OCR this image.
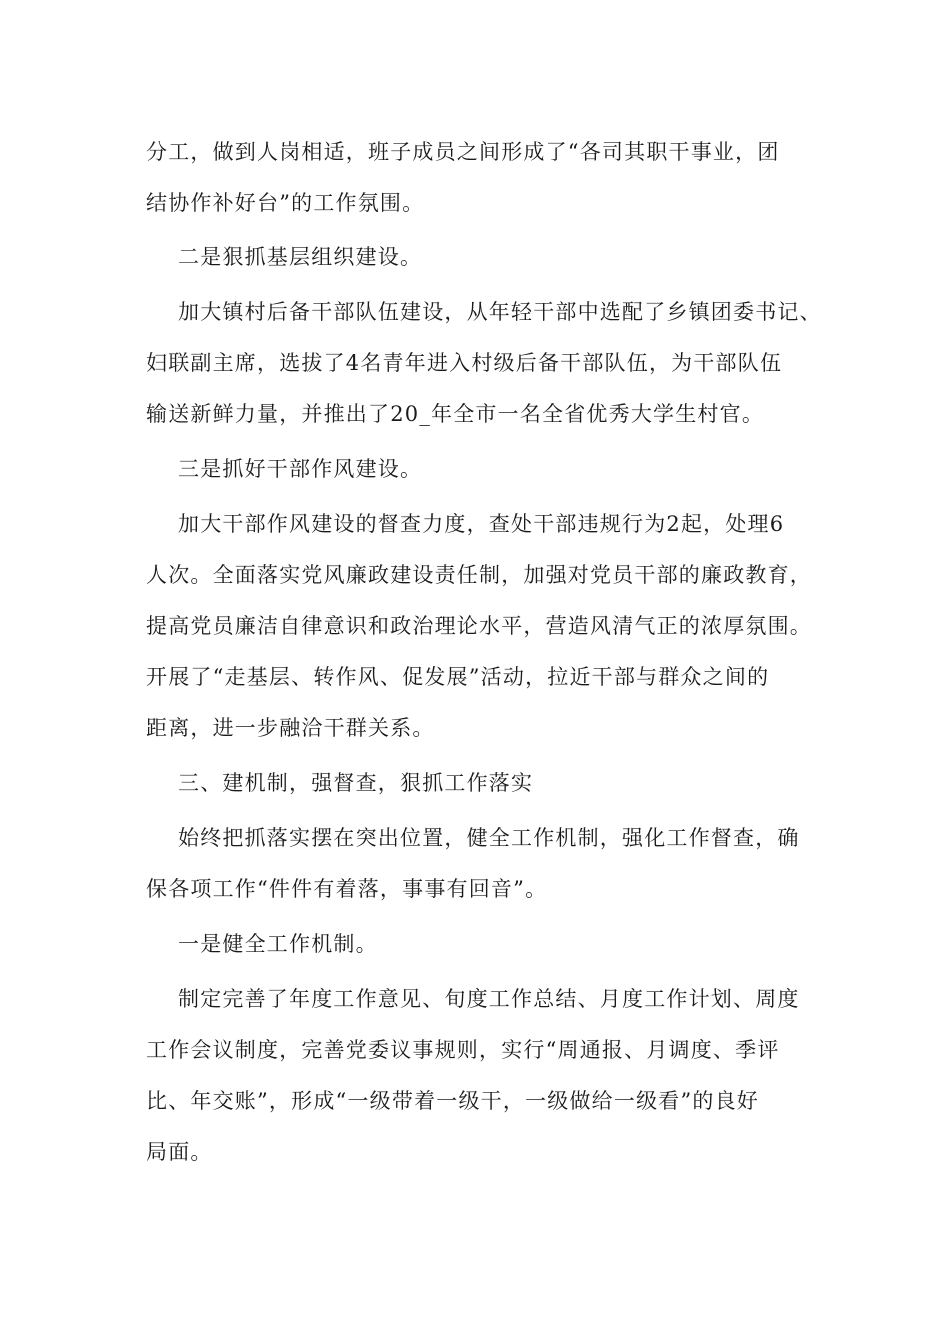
分工，做到人岗相适，班子成员之间形成了“各司其职干事业，团
结协作补好台”的工作氛围。
二是狠抓基层组织建设。
加大镇村后备干部队伍建设，从年轻干部中选配了乡镇团委书记、
妇联副主席，选拔了4名青年进入村级后备干部队伍，为干部队伍
输送新鲜力量，并推出了20_年全市一名全省优秀大学生村官。
三是抓好干部作风建设。
加大干部作风建设的督查力度，查处干部违规行为2起，处理6
人次。全面落实党风廉政建设责任制，加强对党员干部的廉政教育，
提高党员廉洁自律意识和政治理论水平，营造风清气正的浓厚氛围。
开展了“走基层、转作风、促发展”活动，拉近干部与群众之间的
距离，进一步融洽干群关系。
三、建机制，强督查，狠抓工作落实
始终把抓落实摆在突出位置，健全工作机制，强化工作督查，确
保各项工作“件件有着落，事事有回音”。
一是健全工作机制。
制定完善了年度工作意见、旬度工作总结、月度工作计划、周度
工作会议制度，完善党委议事规则，实行“周通报、月调度、季评
比、年交账”，形成“一级带着一级干，一级做给一级看”的良好
局面。
